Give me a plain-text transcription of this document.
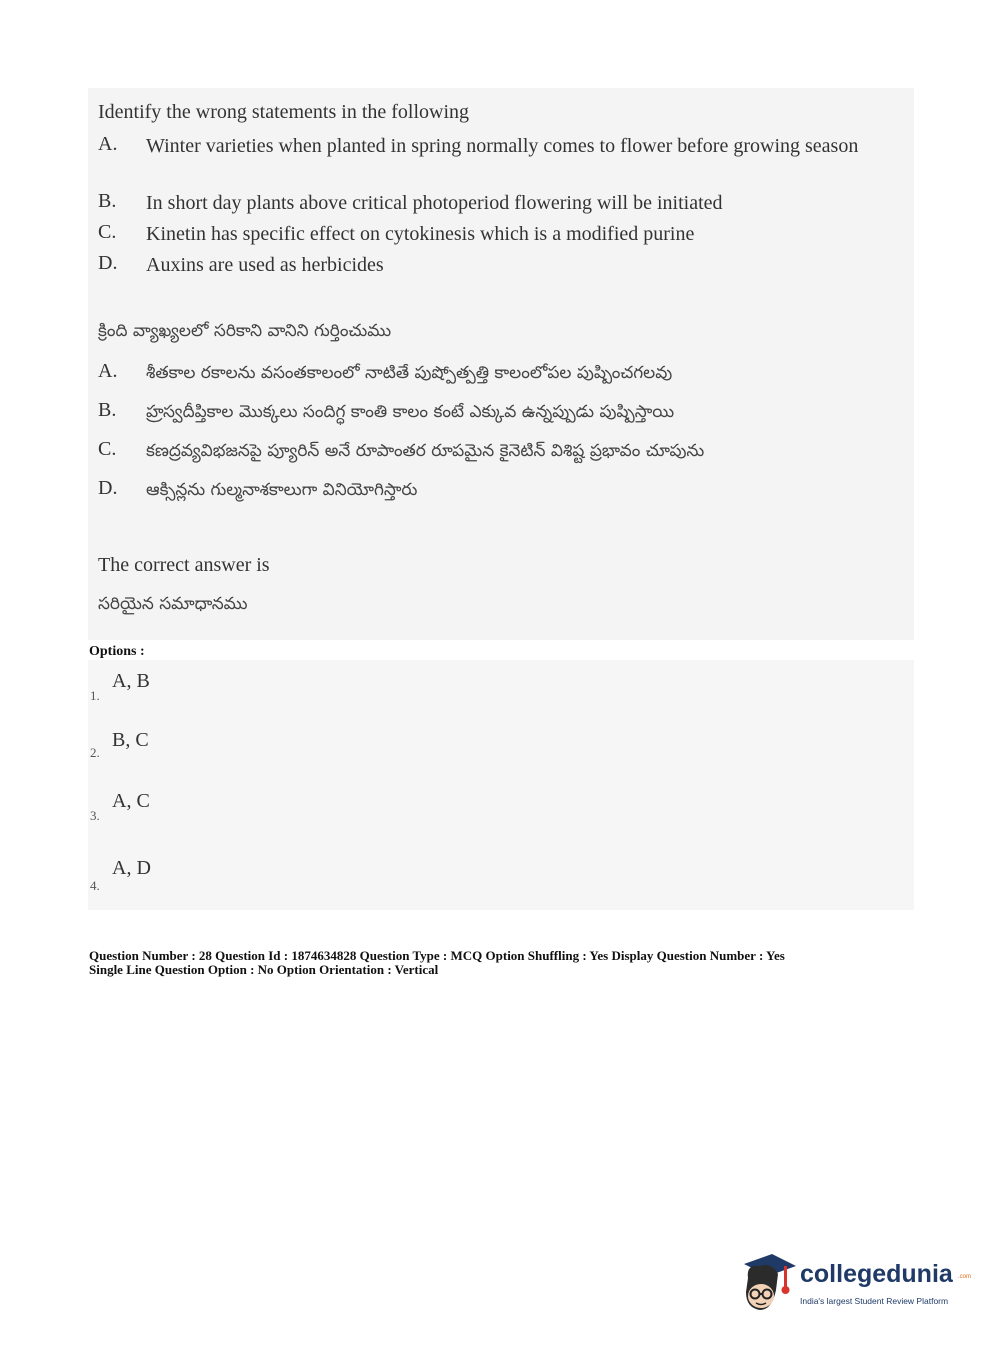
Identify the wrong statements in the following
A. Winter varieties when planted in spring normally comes to flower before growing season
B. In short day plants above critical photoperiod flowering will be initiated
C. Kinetin has specific effect on cytokinesis which is a modified purine
D. Auxins are used as herbicides
క్రింది వ్యాఖ్యలలో సరికాని వానిని గుర్తించుము
A. శీతకాల రకాలను వసంతకాలంలో నాటితే పుష్పోత్పత్తి కాలంలోపల పుష్పించగలవు
B. హ్రస్వదీప్తికాల మొక్కలు సందిగ్ధ కాంతి కాలం కంటే ఎక్కువ ఉన్నప్పుడు పుష్పిస్తాయి
C. కణద్రవ్యవిభజనపై ప్యూరిన్ అనే రూపాంతర రూపమైన కైనెటిన్ విశిష్ట ప్రభావం చూపును
D. ఆక్సిన్లను గుల్మనాశకాలుగా వినియోగిస్తారు
The correct answer is
సరియైన సమాధానము
Options :
1.
A, B
2.
B, C
3.
A, C
4.
A, D
Question Number : 28 Question Id : 1874634828 Question Type : MCQ Option Shuffling : Yes Display Question Number : Yes
Single Line Question Option : No Option Orientation : Vertical
collegedunia .com
India's largest Student Review Platform
